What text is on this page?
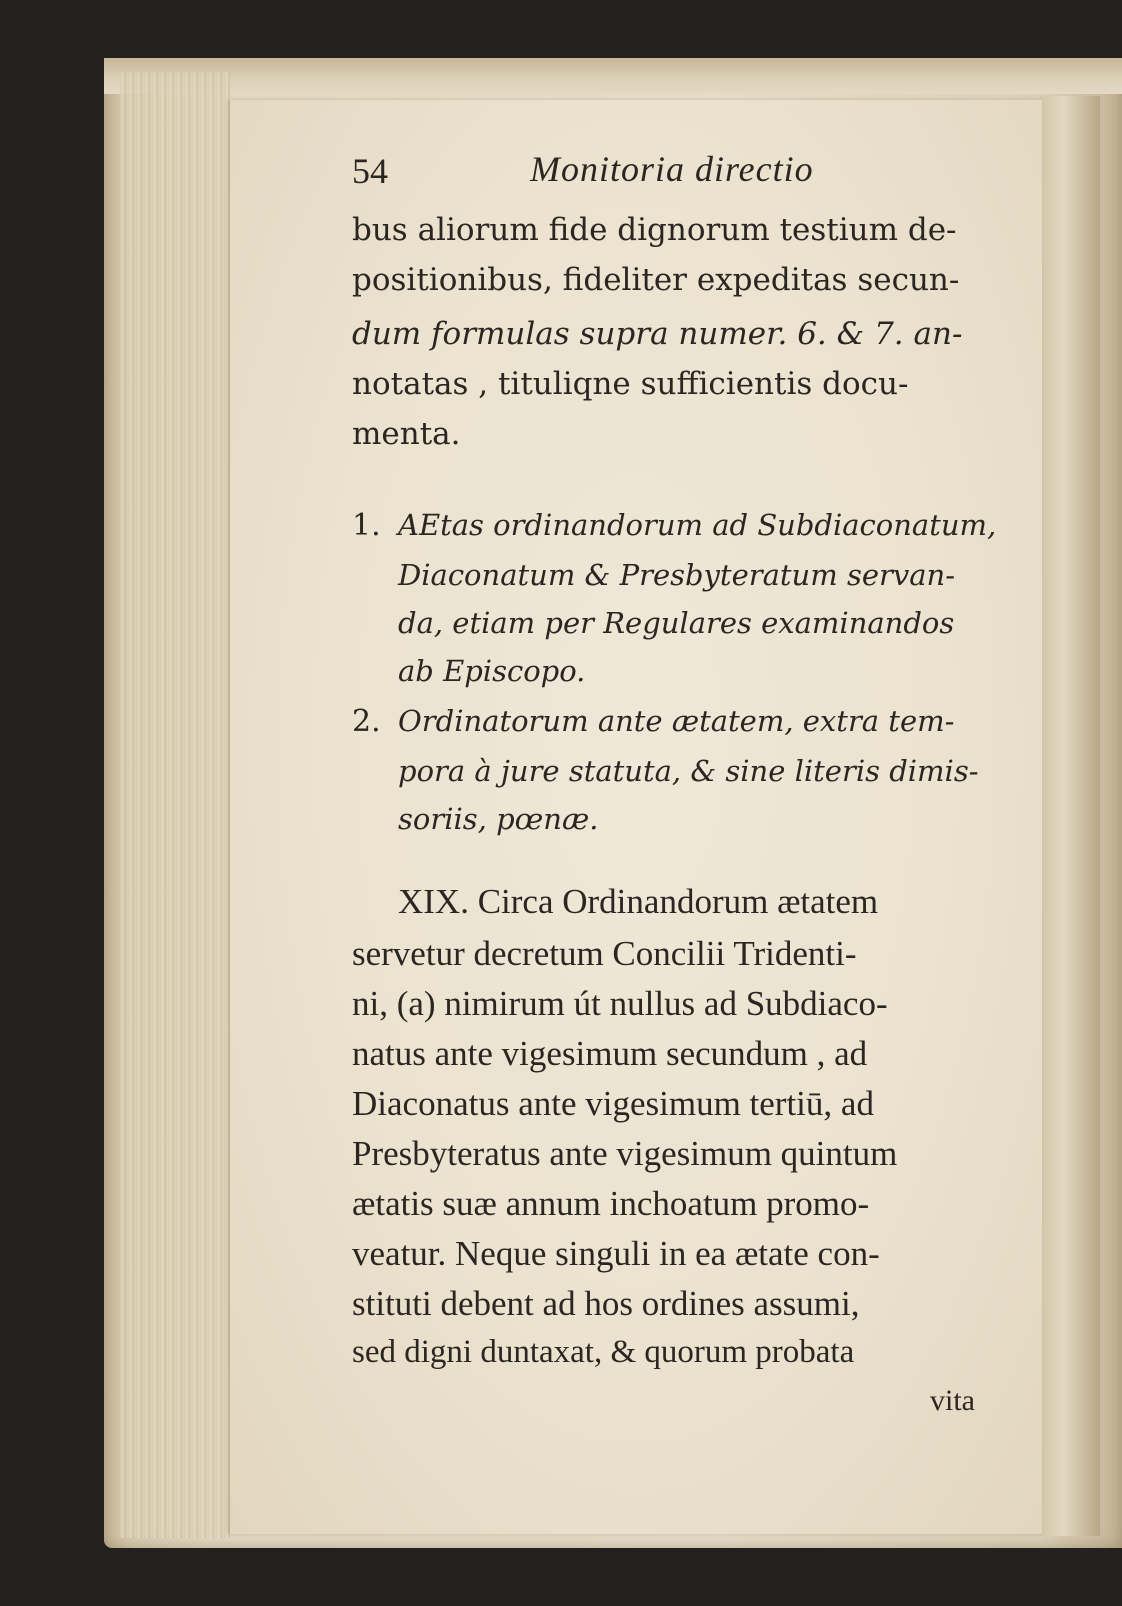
54	Monitoria directio
bus aliorum fide dignorum testium de-
positionibus, fideliter expeditas secun-
dum formulas supra numer. 6. & 7. an-
notatas , tituliqne sufficientis docu-
menta.
1. AEtas ordinandorum ad Subdiaconatum,
Diaconatum & Presbyteratum servan-
da, etiam per Regulares examinandos
ab Episcopo.
2. Ordinatorum ante ætatem, extra tem-
pora à jure statuta, & sine literis dimis-
soriis, pœnæ.
XIX. Circa Ordinandorum ætatem
servetur decretum Concilii Tridenti-
ni, (a) nimirum út nullus ad Subdiaco-
natus ante vigesimum secundum , ad
Diaconatus ante vigesimum tertiū, ad
Presbyteratus ante vigesimum quintum
ætatis suæ annum inchoatum promo-
veatur. Neque singuli in ea ætate con-
stituti debent ad hos ordines assumi,
sed digni duntaxat, & quorum probata
vita
